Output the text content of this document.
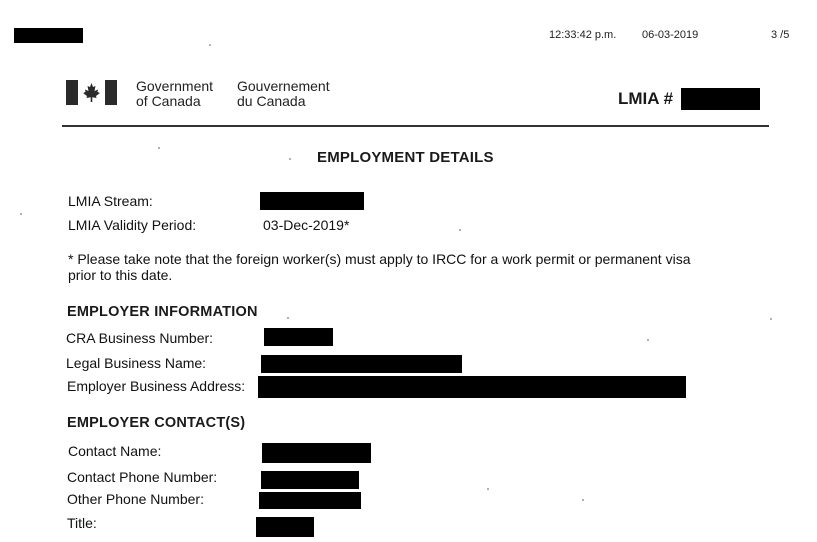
12:33:42 p.m. 06-03-2019	3 /5
Government
of Canada
Gouvernement
du Canada	LMIA #
EMPLOYMENT DETAILS
LMIA Stream:
LMIA Validity Period:	03-Dec-2019*
* Please take note that the foreign worker(s) must apply to IRCC for a work permit or permanent visa
prior to this date.
EMPLOYER INFORMATION
CRA Business Number:
Legal Business Name:
Employer Business Address:
EMPLOYER CONTACT(S)
Contact Name:
Contact Phone Number:
Other Phone Number:
Title:
